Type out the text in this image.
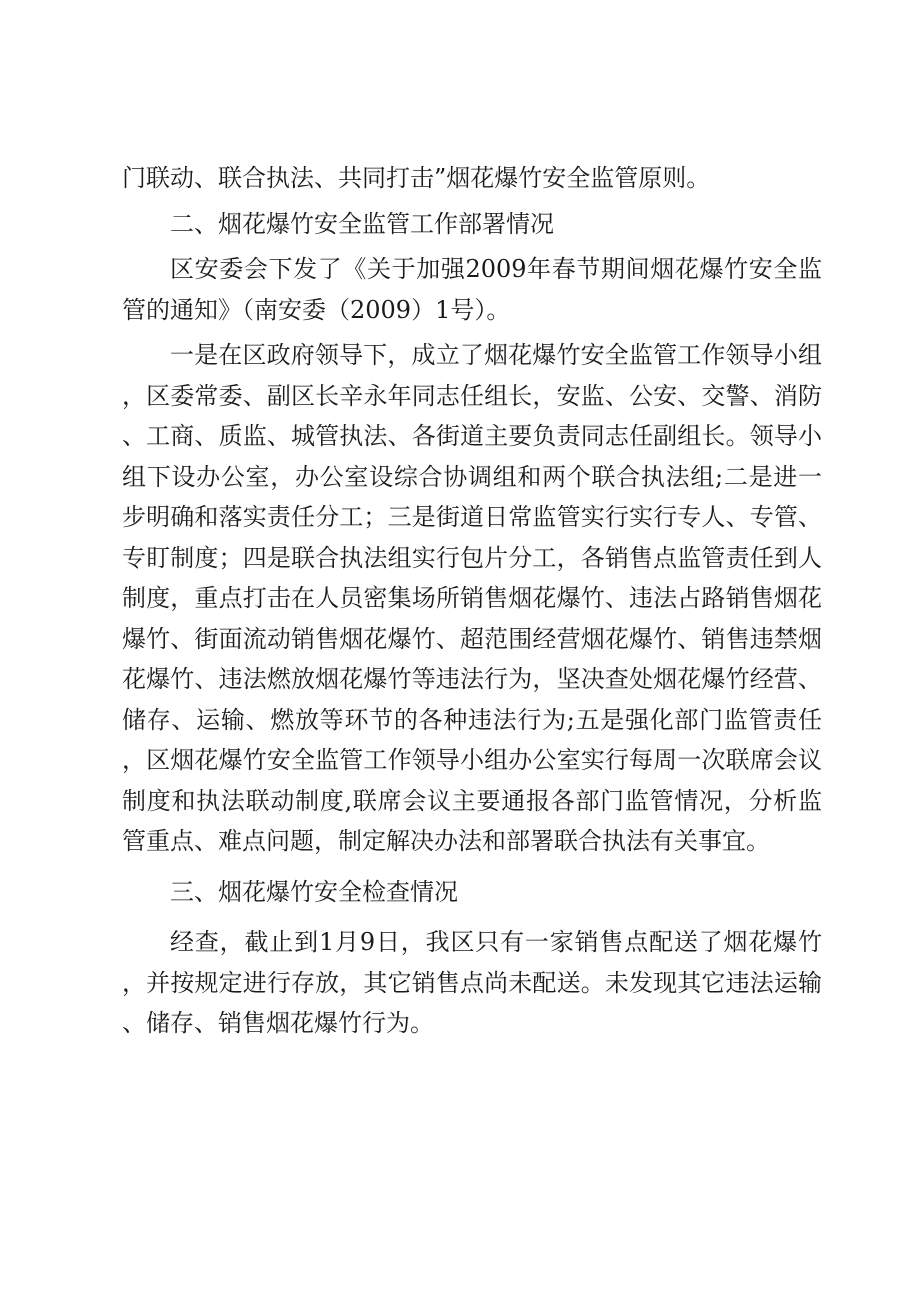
门联动、联合执法、共同打击”烟花爆竹安全监管原则。

二、烟花爆竹安全监管工作部署情况

区安委会下发了《关于加强2009年春节期间烟花爆竹安全监管的通知》（南安委（2009）1号）。

一是在区政府领导下，成立了烟花爆竹安全监管工作领导小组，区委常委、副区长辛永年同志任组长，安监、公安、交警、消防、工商、质监、城管执法、各街道主要负责同志任副组长。领导小组下设办公室，办公室设综合协调组和两个联合执法组;二是进一步明确和落实责任分工；三是街道日常监管实行实行专人、专管、专盯制度；四是联合执法组实行包片分工，各销售点监管责任到人制度，重点打击在人员密集场所销售烟花爆竹、违法占路销售烟花爆竹、街面流动销售烟花爆竹、超范围经营烟花爆竹、销售违禁烟花爆竹、违法燃放烟花爆竹等违法行为，坚决查处烟花爆竹经营、储存、运输、燃放等环节的各种违法行为;五是强化部门监管责任，区烟花爆竹安全监管工作领导小组办公室实行每周一次联席会议制度和执法联动制度,联席会议主要通报各部门监管情况，分析监管重点、难点问题，制定解决办法和部署联合执法有关事宜。

三、烟花爆竹安全检查情况

经查，截止到1月9日，我区只有一家销售点配送了烟花爆竹，并按规定进行存放，其它销售点尚未配送。未发现其它违法运输、储存、销售烟花爆竹行为。
